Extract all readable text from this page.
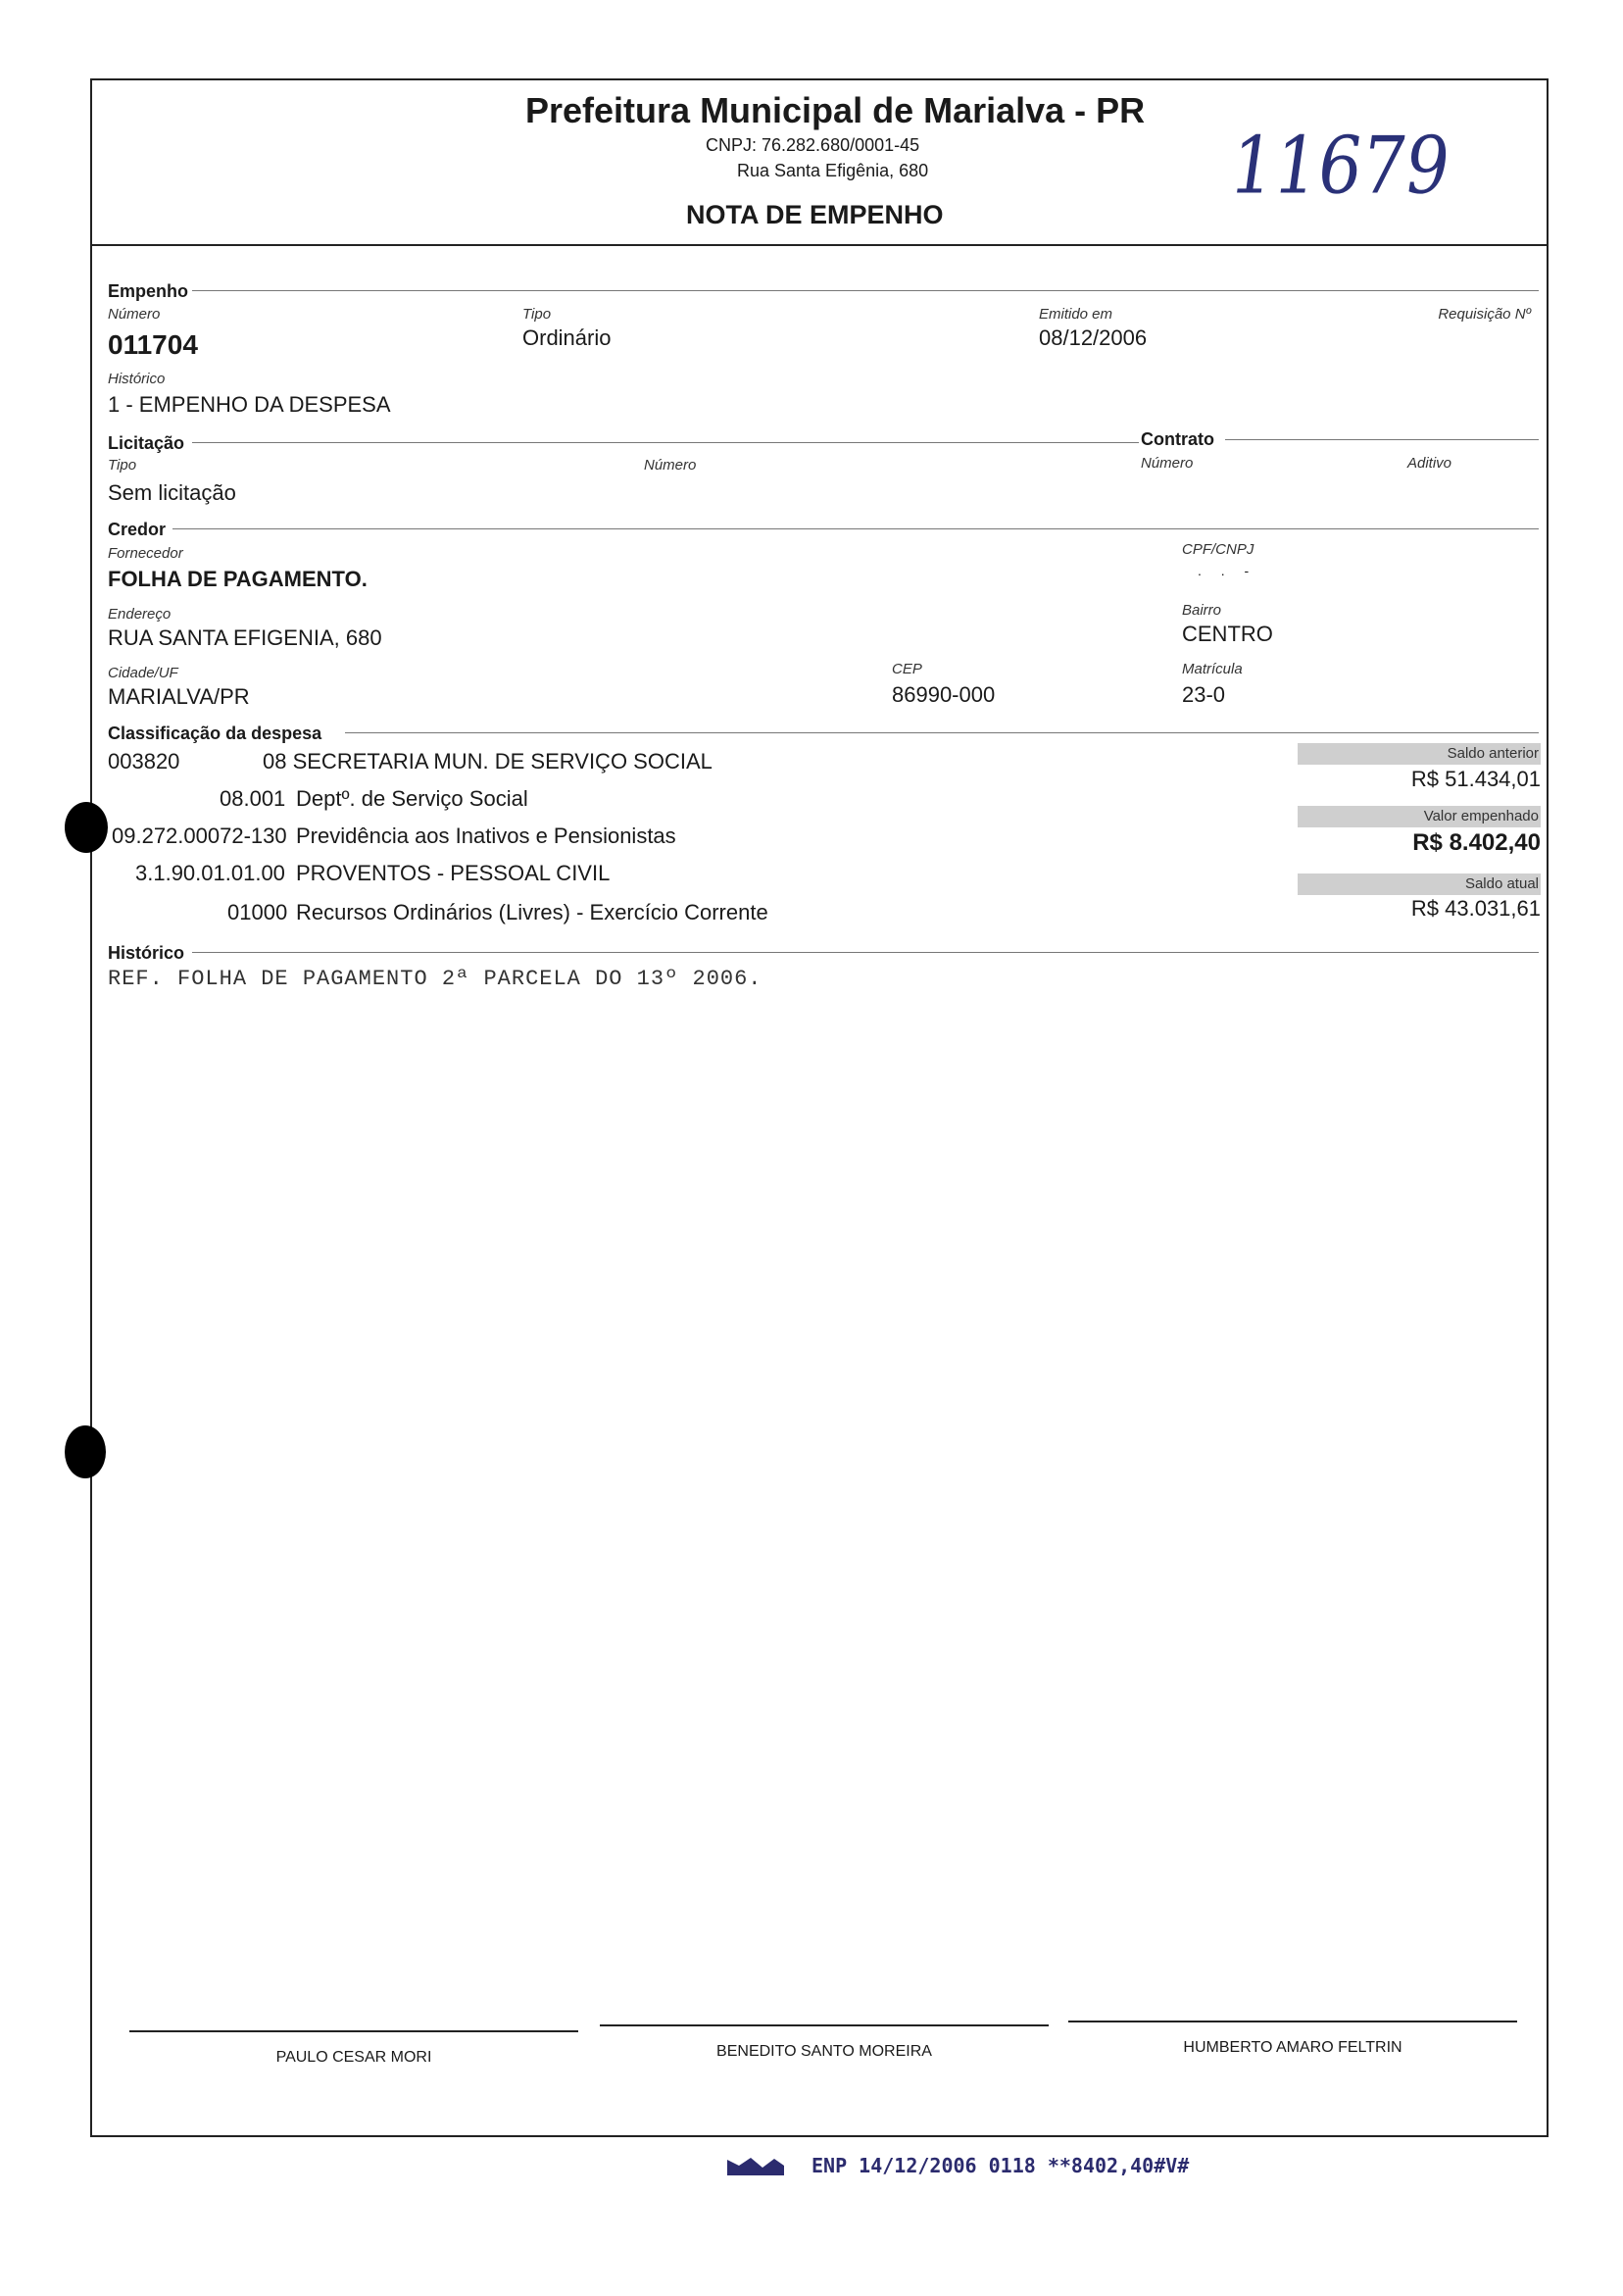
Prefeitura Municipal de Marialva - PR
CNPJ: 76.282.680/0001-45
Rua Santa Efigênia, 680
NOTA DE EMPENHO
11679
Empenho
Número
011704
Tipo
Ordinário
Emitido em
08/12/2006
Requisição Nº
Histórico
1 - EMPENHO DA DESPESA
Licitação	Contrato
Tipo
Sem licitação
Número	Número	Aditivo
Credor
Fornecedor
FOLHA DE PAGAMENTO.
CPF/CNPJ
. . -
Endereço
RUA SANTA EFIGENIA, 680
Bairro
CENTRO
Cidade/UF
MARIALVA/PR
CEP
86990-000
Matrícula
23-0
Classificação da despesa
003820	08 SECRETARIA MUN. DE SERVIÇO SOCIAL
08.001 Deptº. de Serviço Social
09.272.00072-130 Previdência aos Inativos e Pensionistas
3.1.90.01.01.00 PROVENTOS - PESSOAL CIVIL
01000 Recursos Ordinários (Livres) - Exercício Corrente
Saldo anterior
R$ 51.434,01
Valor empenhado
R$ 8.402,40
Saldo atual
R$ 43.031,61
Histórico
REF. FOLHA DE PAGAMENTO 2ª PARCELA DO 13º 2006.
PAULO CESAR MORI	BENEDITO SANTO MOREIRA	HUMBERTO AMARO FELTRIN
ENP 14/12/2006 0118 **8402,40#V#
